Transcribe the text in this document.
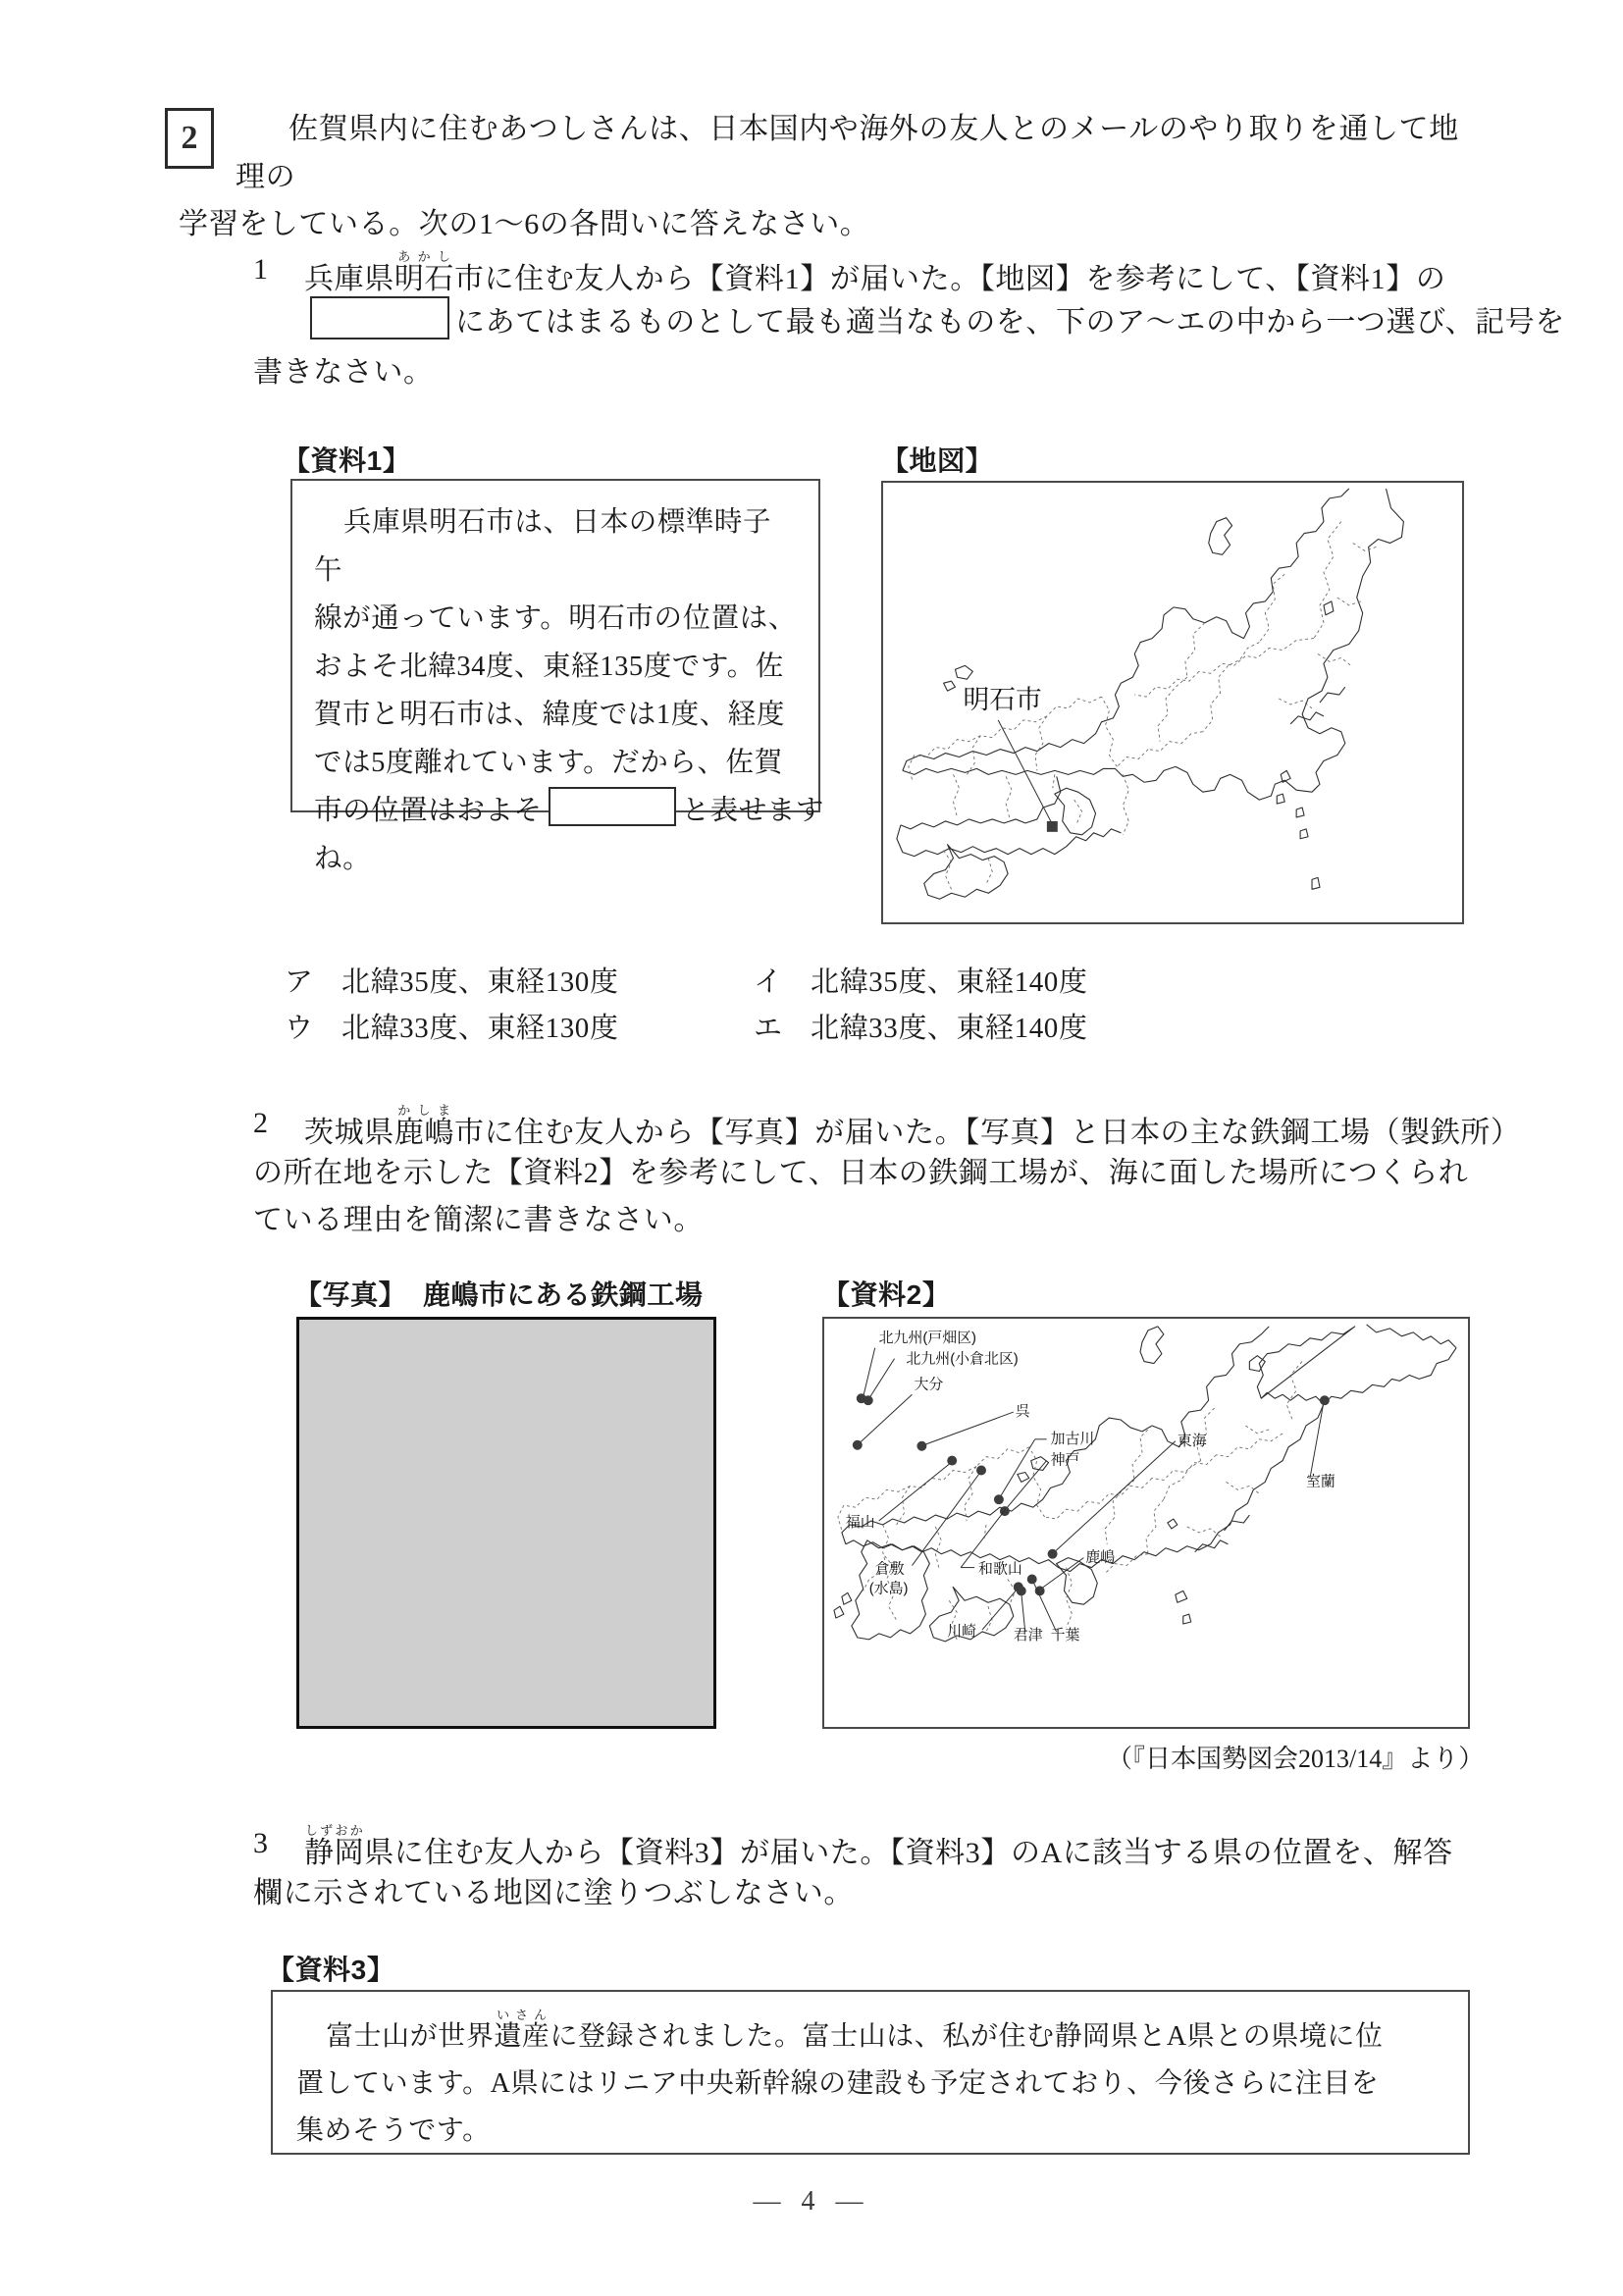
2	佐賀県内に住むあつしさんは、日本国内や海外の友人とのメールのやり取りを通して地理の
学習をしている。次の1〜6の各問いに答えなさい。
1 兵庫県明石あかし市に住む友人から【資料1】が届いた。【地図】を参考にして、【資料1】の
にあてはまるものとして最も適当なものを、下のア〜エの中から一つ選び、記号を
書きなさい。
【資料1】
兵庫県明石市は、日本の標準時子午
線が通っています。明石市の位置は、
およそ北緯34度、東経135度です。佐
賀市と明石市は、緯度では1度、経度
では5度離れています。だから、佐賀
市の位置はおよそ	と表せます
ね。
【地図】
明石市
ア 北緯35度、東経130度	イ 北緯35度、東経140度
ウ 北緯33度、東経130度	エ 北緯33度、東経140度
2 茨城県鹿嶋かしま市に住む友人から【写真】が届いた。【写真】と日本の主な鉄鋼工場（製鉄所）
の所在地を示した【資料2】を参考にして、日本の鉄鋼工場が、海に面した場所につくられ
ている理由を簡潔に書きなさい。
【写真】 鹿嶋市にある鉄鋼工場	【資料2】
北九州(戸畑区)
北九州(小倉北区)
大分
呉
加古川
神戸
東海
室蘭
福山
倉敷
(水島)
和歌山
鹿嶋
川崎	君津 千葉
（『日本国勢図会2013/14』より）
3 静岡しずおか県に住む友人から【資料3】が届いた。【資料3】のAに該当する県の位置を、解答
欄に示されている地図に塗りつぶしなさい。
【資料3】
富士山が世界遺産いさんに登録されました。富士山は、私が住む静岡県とA県との県境に位
置しています。A県にはリニア中央新幹線の建設も予定されており、今後さらに注目を
集めそうです。
— 4 —
